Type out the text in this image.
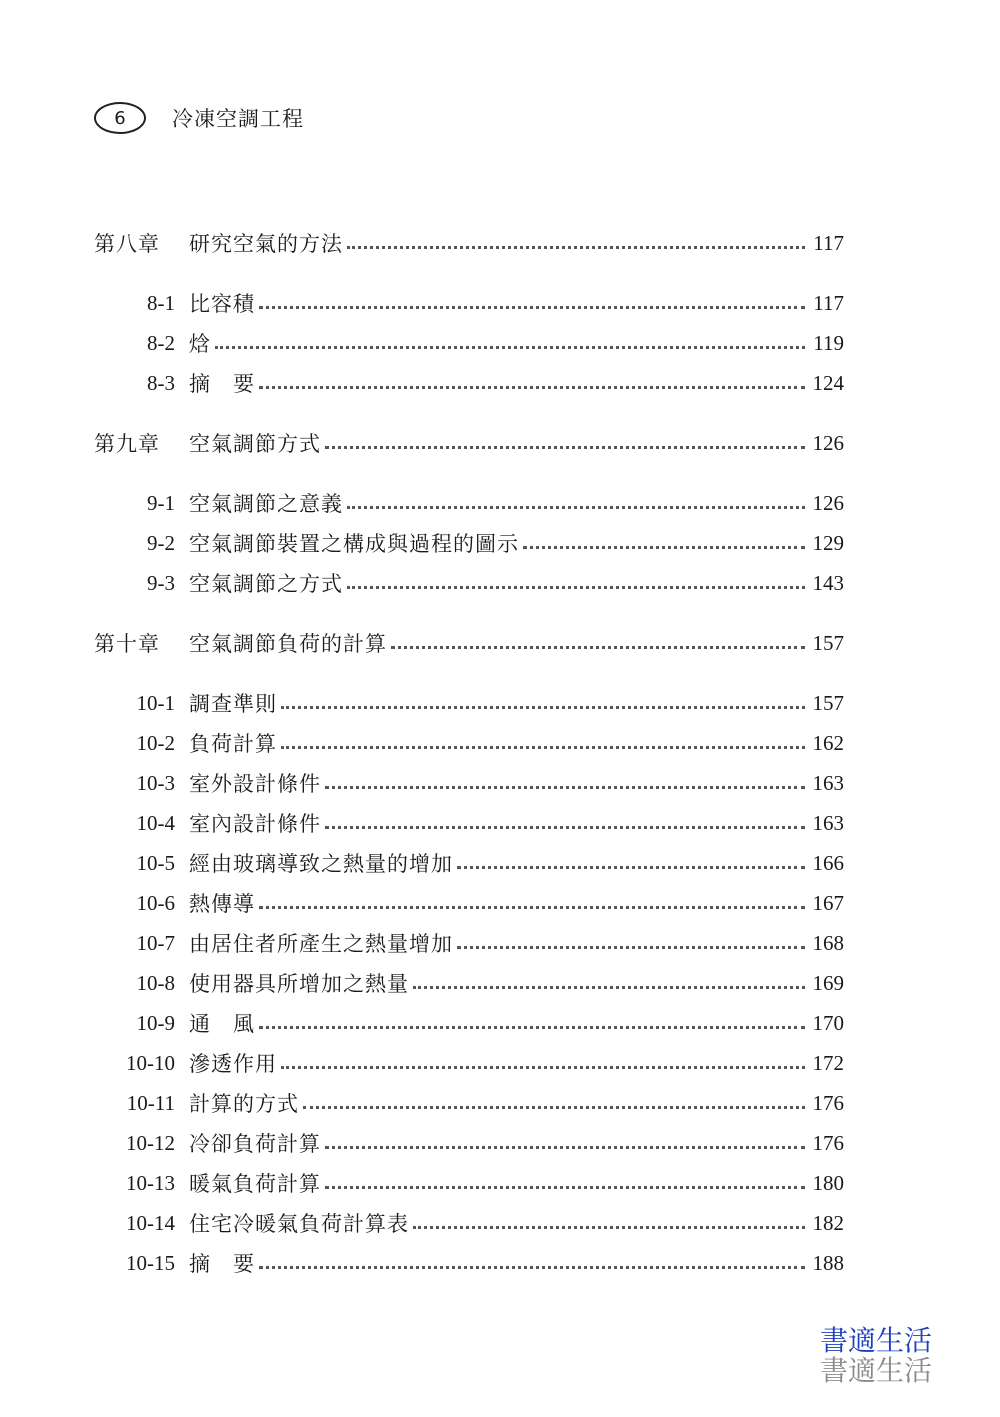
6 冷凍空調工程
第八章	研究空氣的方法	117
8-1 比容積	117
8-2 焓	119
8-3 摘　要	124
第九章	空氣調節方式	126
9-1 空氣調節之意義	126
9-2 空氣調節裝置之構成與過程的圖示	129
9-3 空氣調節之方式	143
第十章	空氣調節負荷的計算	157
10-1 調查準則	157
10-2 負荷計算	162
10-3 室外設計條件	163
10-4 室內設計條件	163
10-5 經由玻璃導致之熱量的增加	166
10-6 熱傳導	167
10-7 由居住者所產生之熱量增加	168
10-8 使用器具所增加之熱量	169
10-9 通　風	170
10-10 滲透作用	172
10-11 計算的方式	176
10-12 冷卻負荷計算	176
10-13 暖氣負荷計算	180
10-14 住宅冷暖氣負荷計算表	182
10-15 摘　要	188
書適生活
書適生活
